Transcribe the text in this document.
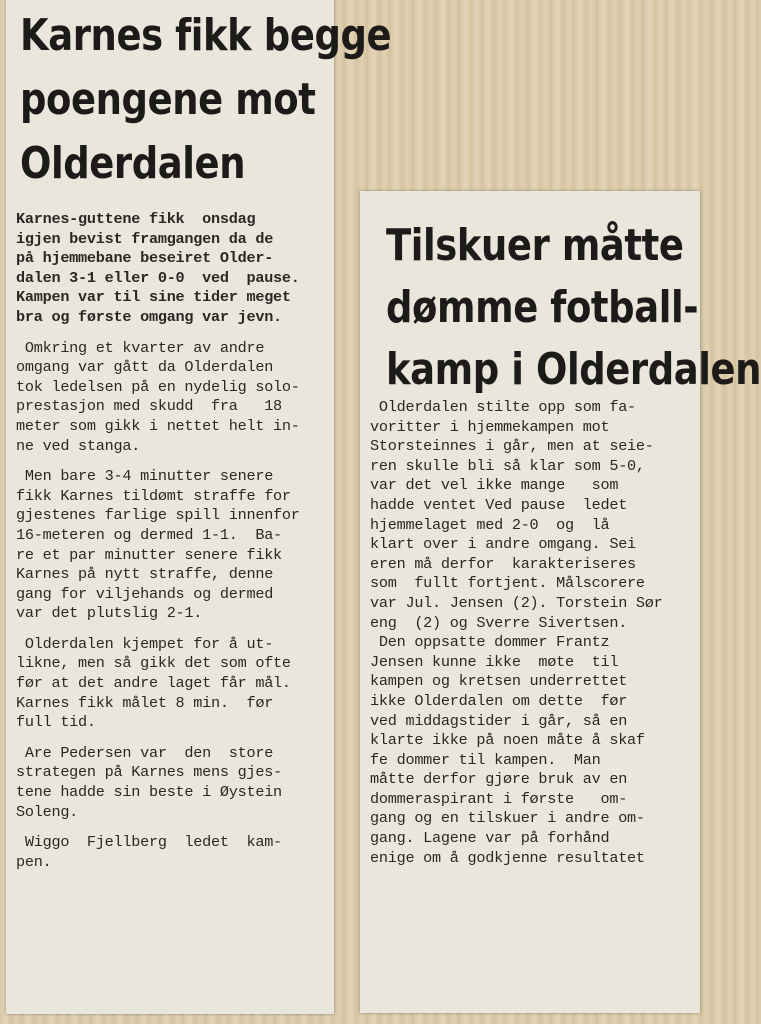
Karnes fikk begge
poengene mot
Olderdalen
Karnes-guttene fikk  onsdag
igjen bevist framgangen da de
på hjemmebane beseiret Older-
dalen 3-1 eller 0-0  ved  pause.
Kampen var til sine tider meget
bra og første omgang var jevn.
Omkring et kvarter av andre
omgang var gått da Olderdalen
tok ledelsen på en nydelig solo-
prestasjon med skudd  fra   18
meter som gikk i nettet helt in-
ne ved stanga.
Men bare 3-4 minutter senere
fikk Karnes tildømt straffe for
gjestenes farlige spill innenfor
16-meteren og dermed 1-1.  Ba-
re et par minutter senere fikk
Karnes på nytt straffe, denne
gang for viljehands og dermed
var det plutslig 2-1.
Olderdalen kjempet for å ut-
likne, men så gikk det som ofte
før at det andre laget får mål.
Karnes fikk målet 8 min.  før
full tid.
Are Pedersen var  den  store
strategen på Karnes mens gjes-
tene hadde sin beste i Øystein
Soleng.
Wiggo  Fjellberg  ledet  kam-
pen.
Tilskuer måtte
dømme fotball-
kamp i Olderdalen
Olderdalen stilte opp som fa-
voritter i hjemmekampen mot
Storsteinnes i går, men at seie-
ren skulle bli så klar som 5-0,
var det vel ikke mange   som
hadde ventet Ved pause  ledet
hjemmelaget med 2-0  og  lå
klart over i andre omgang. Sei
eren må derfor  karakteriseres
som  fullt fortjent. Målscorere
var Jul. Jensen (2). Torstein Sør
eng  (2) og Sverre Sivertsen.
Den oppsatte dommer Frantz
Jensen kunne ikke  møte  til
kampen og kretsen underrettet
ikke Olderdalen om dette  før
ved middagstider i går, så en
klarte ikke på noen måte å skaf
fe dommer til kampen.  Man
måtte derfor gjøre bruk av en
dommeraspirant i første   om-
gang og en tilskuer i andre om-
gang. Lagene var på forhånd
enige om å godkjenne resultatet
